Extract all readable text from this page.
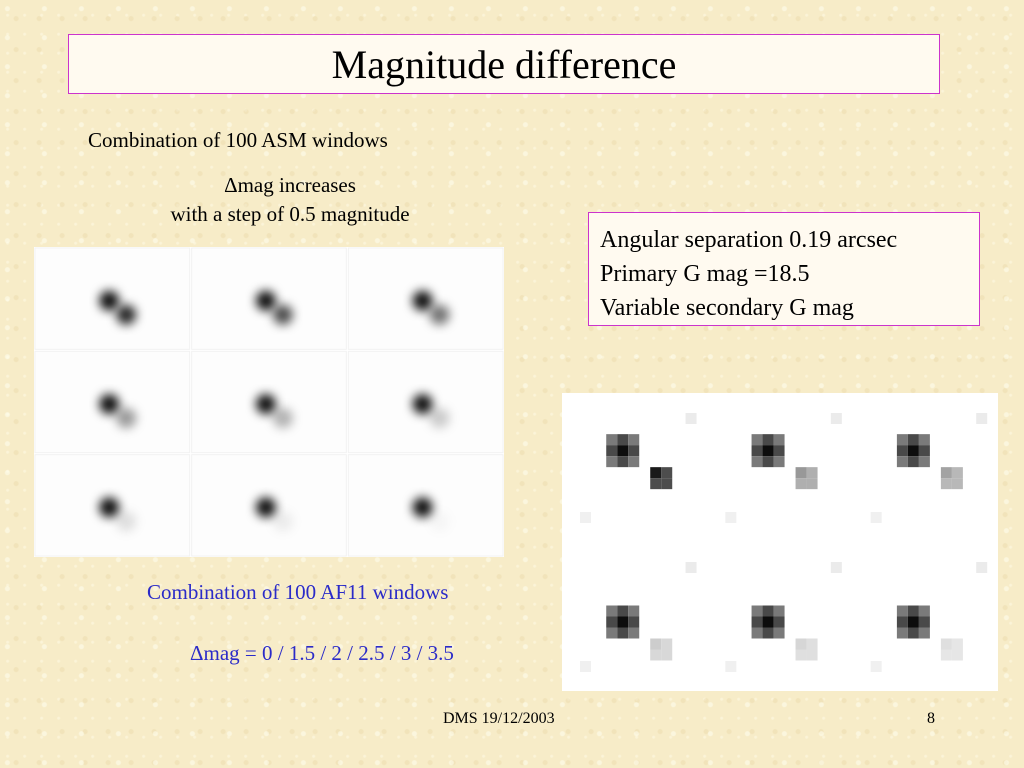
Magnitude difference
Combination of 100 ASM windows
Δmag increases
with a step of 0.5 magnitude
Angular separation 0.19 arcsec
Primary G mag =18.5
Variable secondary G mag
Combination of 100 AF11 windows
Δmag = 0 / 1.5 / 2 / 2.5 / 3 / 3.5
DMS 19/12/2003	8
